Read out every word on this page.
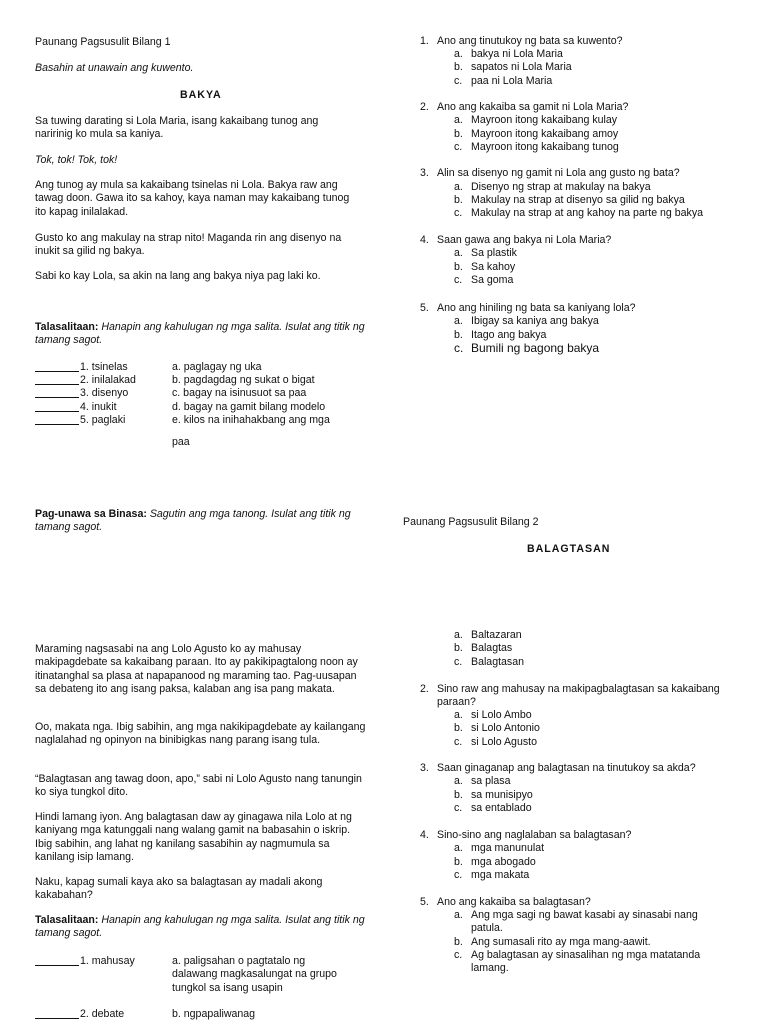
Paunang Pagsusulit Bilang 1
Basahin at unawain ang kuwento.
BAKYA
Sa tuwing darating si Lola Maria, isang kakaibang tunog ang naririnig ko mula sa kaniya.
Tok, tok! Tok, tok!
Ang tunog ay mula sa kakaibang tsinelas ni Lola. Bakya raw ang tawag doon. Gawa ito sa kahoy, kaya naman may kakaibang tunog ito kapag inilalakad.
Gusto ko ang makulay na strap nito! Maganda rin ang disenyo na inukit sa gilid ng bakya.
Sabi ko kay Lola, sa akin na lang ang bakya niya pag laki ko.
Talasalitaan: Hanapin ang kahulugan ng mga salita. Isulat ang titik ng tamang sagot.
1. tsinelas	a. paglagay ng uka
2. inilalakad	b. pagdagdag ng sukat o bigat
3. disenyo	c. bagay na isinusuot sa paa
4. inukit	d. bagay na gamit bilang modelo
5. paglaki	e. kilos na inihahakbang ang mga
paa
Pag-unawa sa Binasa: Sagutin ang mga tanong. Isulat ang titik ng tamang sagot.
1. Ano ang tinutukoy ng bata sa kuwento?
a. bakya ni Lola Maria
b. sapatos ni Lola Maria
c. paa ni Lola Maria
2. Ano ang kakaiba sa gamit ni Lola Maria?
a. Mayroon itong kakaibang kulay
b. Mayroon itong kakaibang amoy
c. Mayroon itong kakaibang tunog
3. Alin sa disenyo ng gamit ni Lola ang gusto ng bata?
a. Disenyo ng strap at makulay na bakya
b. Makulay na strap at disenyo sa gilid ng bakya
c. Makulay na strap at ang kahoy na parte ng bakya
4. Saan gawa ang bakya ni Lola Maria?
a. Sa plastik
b. Sa kahoy
c. Sa goma
5. Ano ang hiniling ng bata sa kaniyang lola?
a. Ibigay sa kaniya ang bakya
b. Itago ang bakya
c. Bumili ng bagong bakya
Paunang Pagsusulit Bilang 2
BALAGTASAN
Maraming nagsasabi na ang Lolo Agusto ko ay mahusay makipagdebate sa kakaibang paraan. Ito ay pakikipagtalong noon ay itinatanghal sa plasa at napapanood ng maraming tao. Pag-uusapan sa debateng ito ang isang paksa, kalaban ang isa pang makata.
Oo, makata nga. Ibig sabihin, ang mga nakikipagdebate ay kailangang naglalahad ng opinyon na binibigkas nang parang isang tula.
“Balagtasan ang tawag doon, apo,” sabi ni Lolo Agusto nang tanungin ko siya tungkol dito.
Hindi lamang iyon. Ang balagtasan daw ay ginagawa nila Lolo at ng kaniyang mga katunggali nang walang gamit na babasahin o iskrip. Ibig sabihin, ang lahat ng kanilang sasabihin ay nagmumula sa kanilang isip lamang.
Naku, kapag sumali kaya ako sa balagtasan ay madali akong kakabahan?
Talasalitaan: Hanapin ang kahulugan ng mga salita. Isulat ang titik ng tamang sagot.
1. mahusay	a. paligsahan o pagtatalo ng dalawang magkasalungat na grupo tungkol sa isang usapin
2. debate	b. ngpapaliwanag
a. Baltazaran
b. Balagtas
c. Balagtasan
2. Sino raw ang mahusay na makipagbalagtasan sa kakaibang paraan?
a. si Lolo Ambo
b. si Lolo Antonio
c. si Lolo Agusto
3. Saan ginaganap ang balagtasan na tinutukoy sa akda?
a. sa plasa
b. sa munisipyo
c. sa entablado
4. Sino-sino ang naglalaban sa balagtasan?
a. mga manunulat
b. mga abogado
c. mga makata
5. Ano ang kakaiba sa balagtasan?
a. Ang mga sagi ng bawat kasabi ay sinasabi nang patula.
b. Ang sumasali rito ay mga mang-aawit.
c. Ag balagtasan ay sinasalihan ng mga matatanda lamang.
